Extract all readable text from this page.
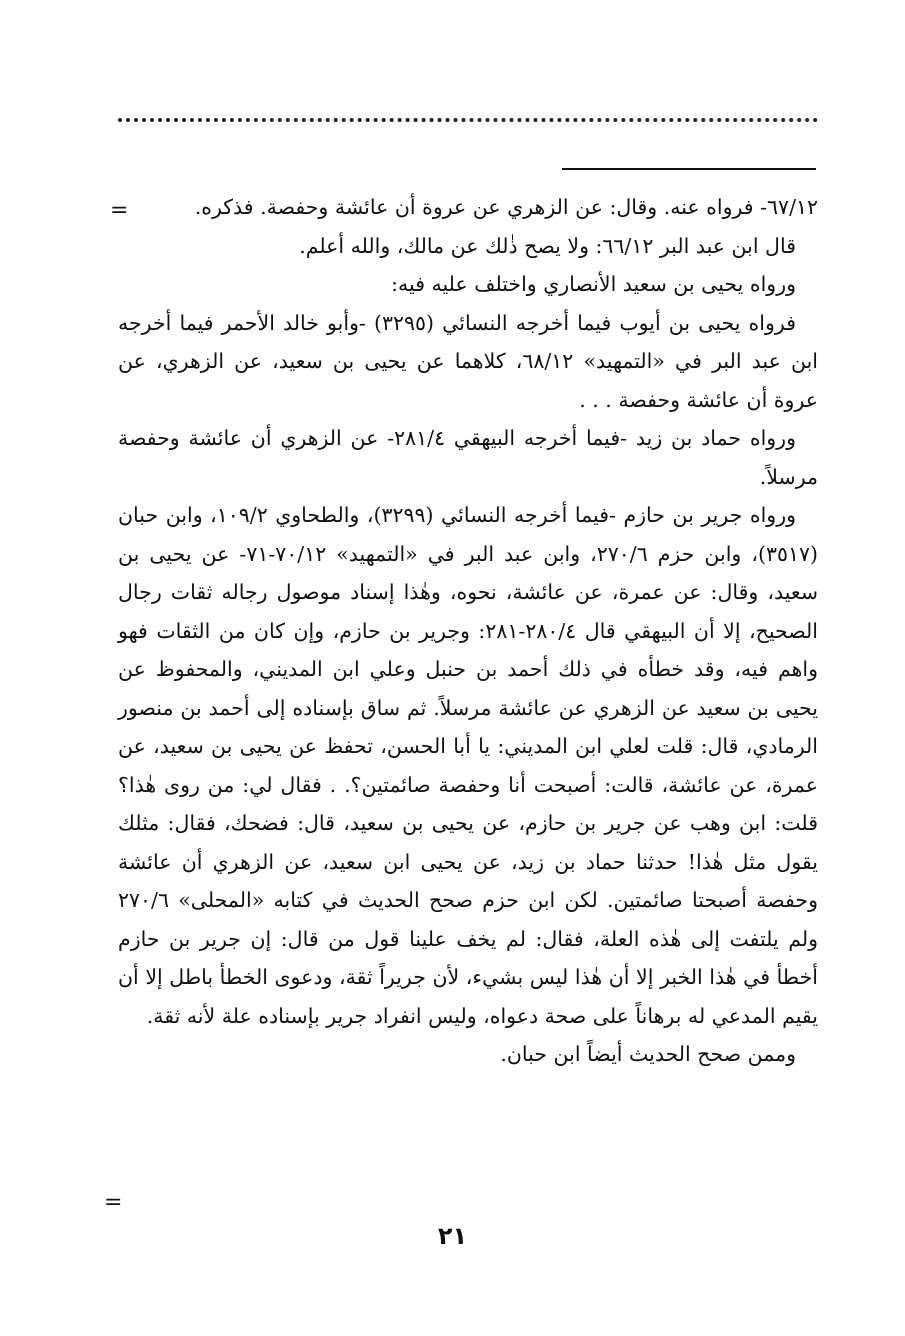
=
=

٦٧/١٢- فرواه عنه. وقال: عن الزهري عن عروة أن عائشة وحفصة. فذكره.

قال ابن عبد البر ٦٦/١٢: ولا يصح ذٰلك عن مالك، والله أعلم.

ورواه يحيى بن سعيد الأنصاري واختلف عليه فيه:

فرواه يحيى بن أيوب فيما أخرجه النسائي (٣٢٩٥) -وأبو خالد الأحمر فيما أخرجه ابن عبد البر في «التمهيد» ٦٨/١٢، كلاهما عن يحيى بن سعيد، عن الزهري، عن عروة أن عائشة وحفصة . . .

ورواه حماد بن زيد -فيما أخرجه البيهقي ٢٨١/٤- عن الزهري أن عائشة وحفصة مرسلاً.

ورواه جرير بن حازم -فيما أخرجه النسائي (٣٢٩٩)، والطحاوي ١٠٩/٢، وابن حبان (٣٥١٧)، وابن حزم ٢٧٠/٦، وابن عبد البر في «التمهيد» ٧٠/١٢-٧١- عن يحيى بن سعيد، وقال: عن عمرة، عن عائشة، نحوه، وهٰذا إسناد موصول رجاله ثقات رجال الصحيح، إلا أن البيهقي قال ٢٨٠/٤-٢٨١: وجرير بن حازم، وإن كان من الثقات فهو واهم فيه، وقد خطأه في ذلك أحمد بن حنبل وعلي ابن المديني، والمحفوظ عن يحيى بن سعيد عن الزهري عن عائشة مرسلاً. ثم ساق بإسناده إلى أحمد بن منصور الرمادي، قال: قلت لعلي ابن المديني: يا أبا الحسن، تحفظ عن يحيى بن سعيد، عن عمرة، عن عائشة، قالت: أصبحت أنا وحفصة صائمتين؟. . فقال لي: من روى هٰذا؟ قلت: ابن وهب عن جرير بن حازم، عن يحيى بن سعيد، قال: فضحك، فقال: مثلك يقول مثل هٰذا! حدثنا حماد بن زيد، عن يحيى ابن سعيد، عن الزهري أن عائشة وحفصة أصبحتا صائمتين. لكن ابن حزم صحح الحديث في كتابه «المحلى» ٢٧٠/٦ ولم يلتفت إلى هٰذه العلة، فقال: لم يخف علينا قول من قال: إن جرير بن حازم أخطأ في هٰذا الخبر إلا أن هٰذا ليس بشيء، لأن جريراً ثقة، ودعوى الخطأ باطل إلا أن يقيم المدعي له برهاناً على صحة دعواه، وليس انفراد جرير بإسناده علة لأنه ثقة.

وممن صحح الحديث أيضاً ابن حبان.

٢١
